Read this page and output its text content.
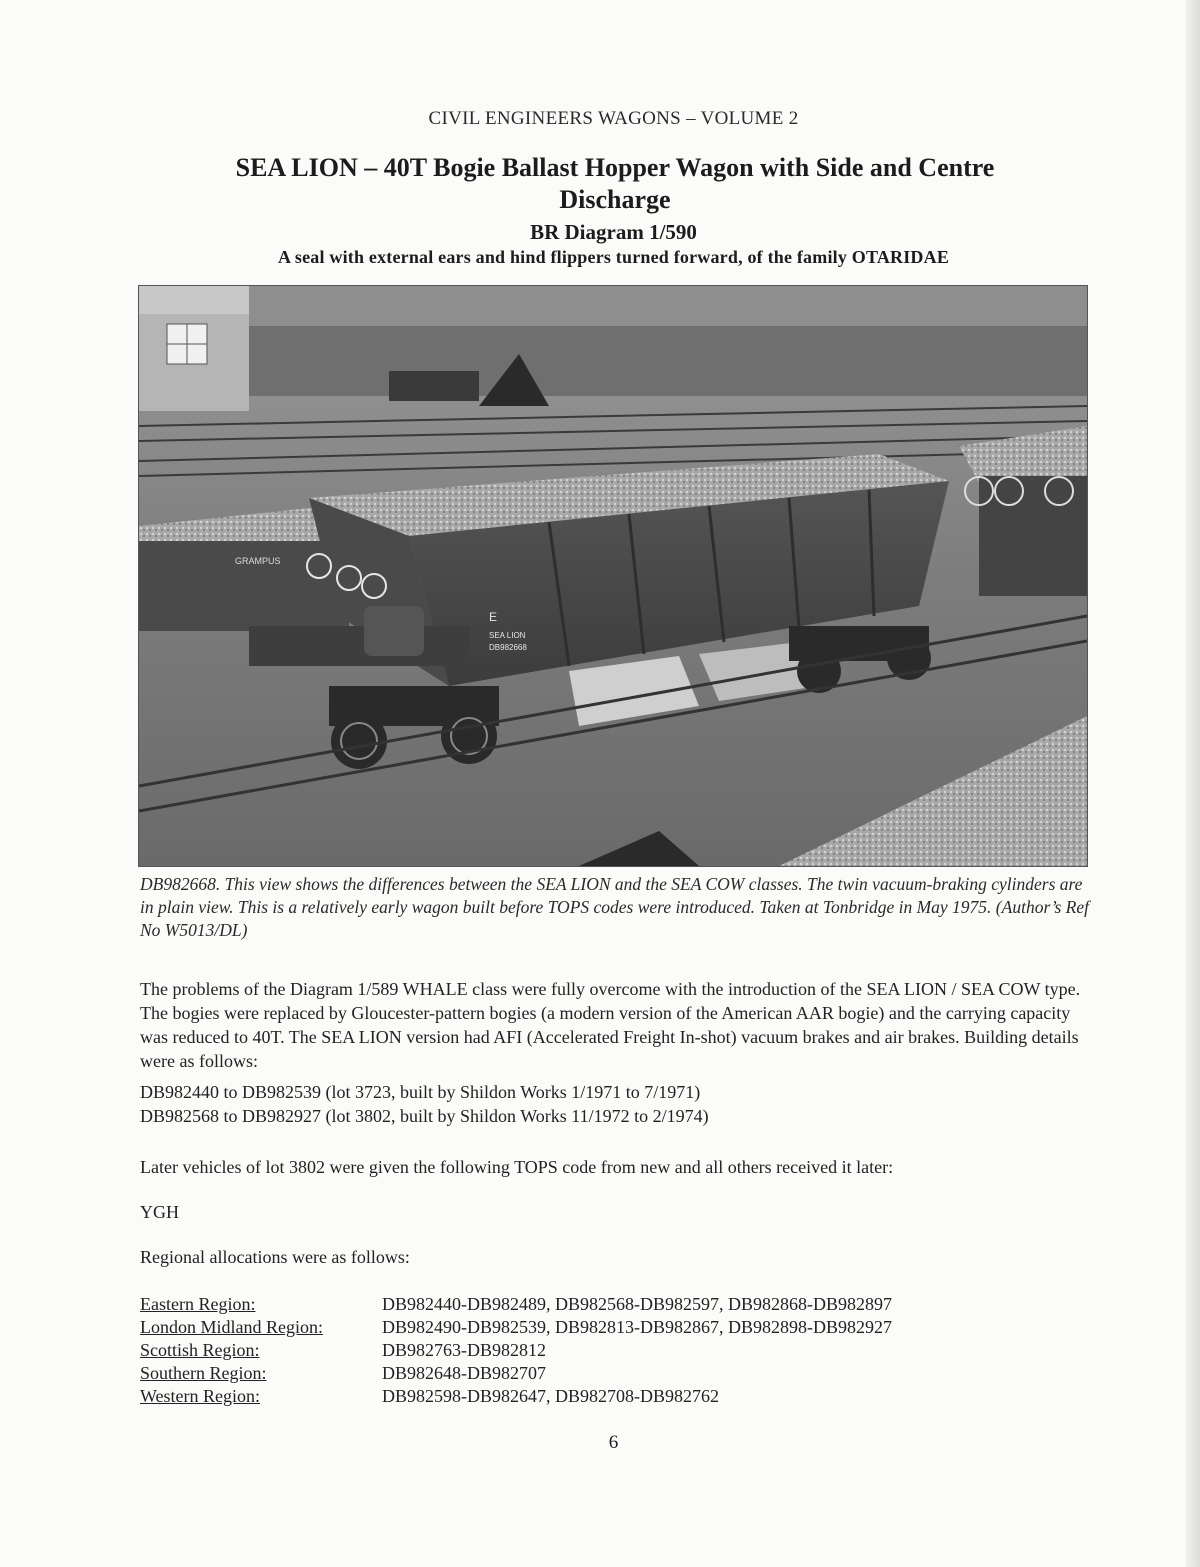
CIVIL ENGINEERS WAGONS – VOLUME 2
SEA LION – 40T Bogie Ballast Hopper Wagon with Side and Centre Discharge
BR Diagram 1/590
A seal with external ears and hind flippers turned forward, of the family OTARIDAE
GRAMPUS
E
SEA LION
DB982668
DB982668. This view shows the differences between the SEA LION and the SEA COW classes. The twin vacuum-braking cylinders are in plain view. This is a relatively early wagon built before TOPS codes were introduced. Taken at Tonbridge in May 1975. (Author’s Ref No W5013/DL)
The problems of the Diagram 1/589 WHALE class were fully overcome with the introduction of the SEA LION / SEA COW type. The bogies were replaced by Gloucester-pattern bogies (a modern version of the American AAR bogie) and the carrying capacity was reduced to 40T. The SEA LION version had AFI (Accelerated Freight In-shot) vacuum brakes and air brakes. Building details were as follows:
DB982440 to DB982539 (lot 3723, built by Shildon Works 1/1971 to 7/1971)
DB982568 to DB982927 (lot 3802, built by Shildon Works 11/1972 to 2/1974)
Later vehicles of lot 3802 were given the following TOPS code from new and all others received it later:
YGH
Regional allocations were as follows:
Eastern Region:	DB982440-DB982489, DB982568-DB982597, DB982868-DB982897
London Midland Region:	DB982490-DB982539, DB982813-DB982867, DB982898-DB982927
Scottish Region:	DB982763-DB982812
Southern Region:	DB982648-DB982707
Western Region:	DB982598-DB982647, DB982708-DB982762
6
